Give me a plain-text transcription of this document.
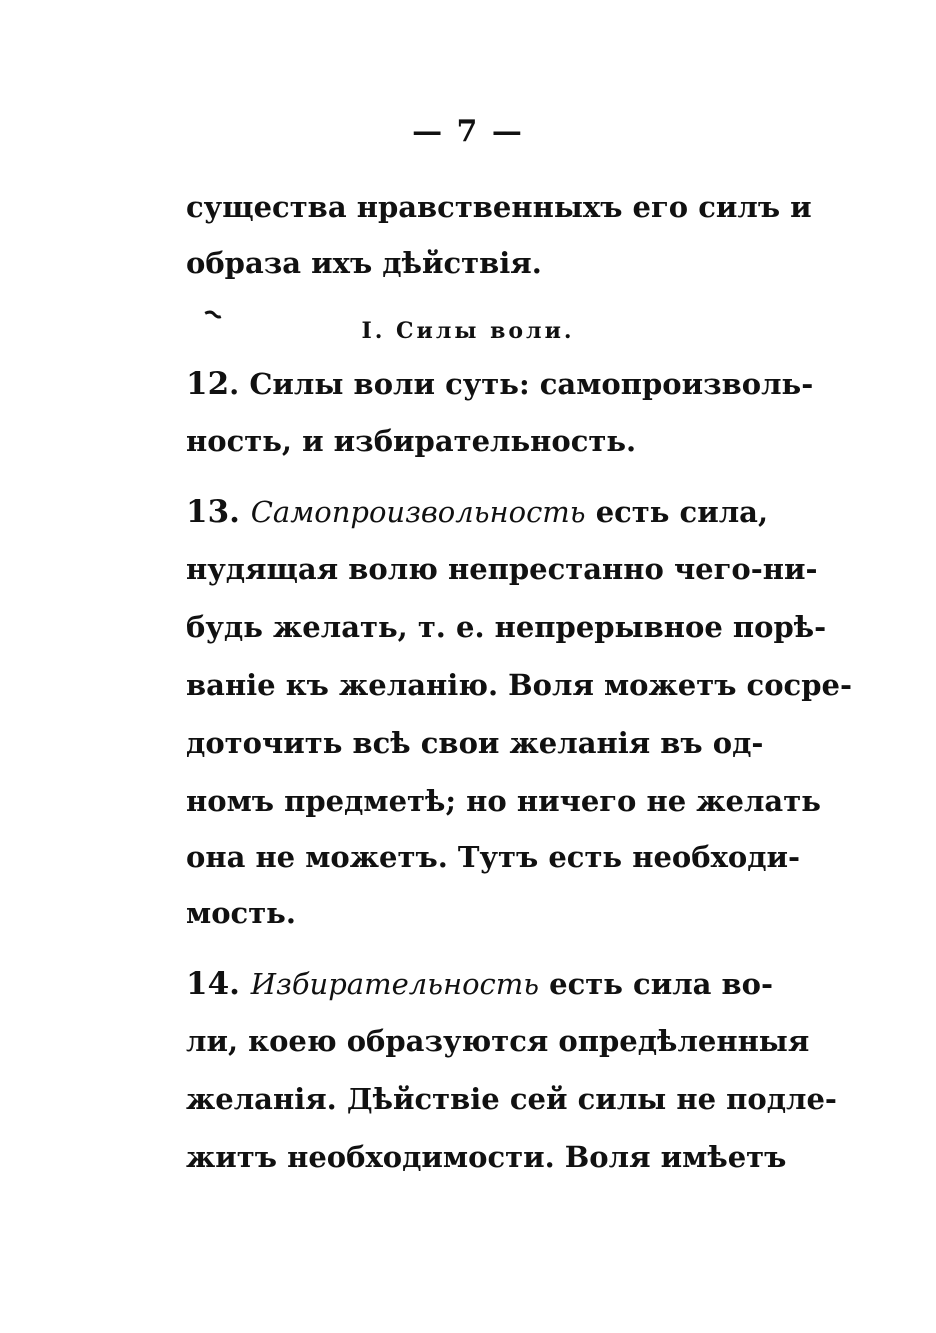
— 7 —
существа нравственныхъ его силъ и
образа ихъ дѣйствія.
I. Силы воли.
12. Силы воли суть: самопроизволь-
ность, и избирательность.
13. Самопроизвольность есть сила,
нудящая волю непрестанно чего-ни-
будь желать, т. е. непрерывное порѣ-
ваніе къ желанію. Воля можетъ сосре-
доточить всѣ свои желанія въ од-
номъ предметѣ; но ничего не желать
она не можетъ. Тутъ есть необходи-
мость.
14. Избирательность есть сила во-
ли, коею образуются опредѣленныя
желанія. Дѣйствіе сей силы не подле-
житъ необходимости. Воля имѣетъ
